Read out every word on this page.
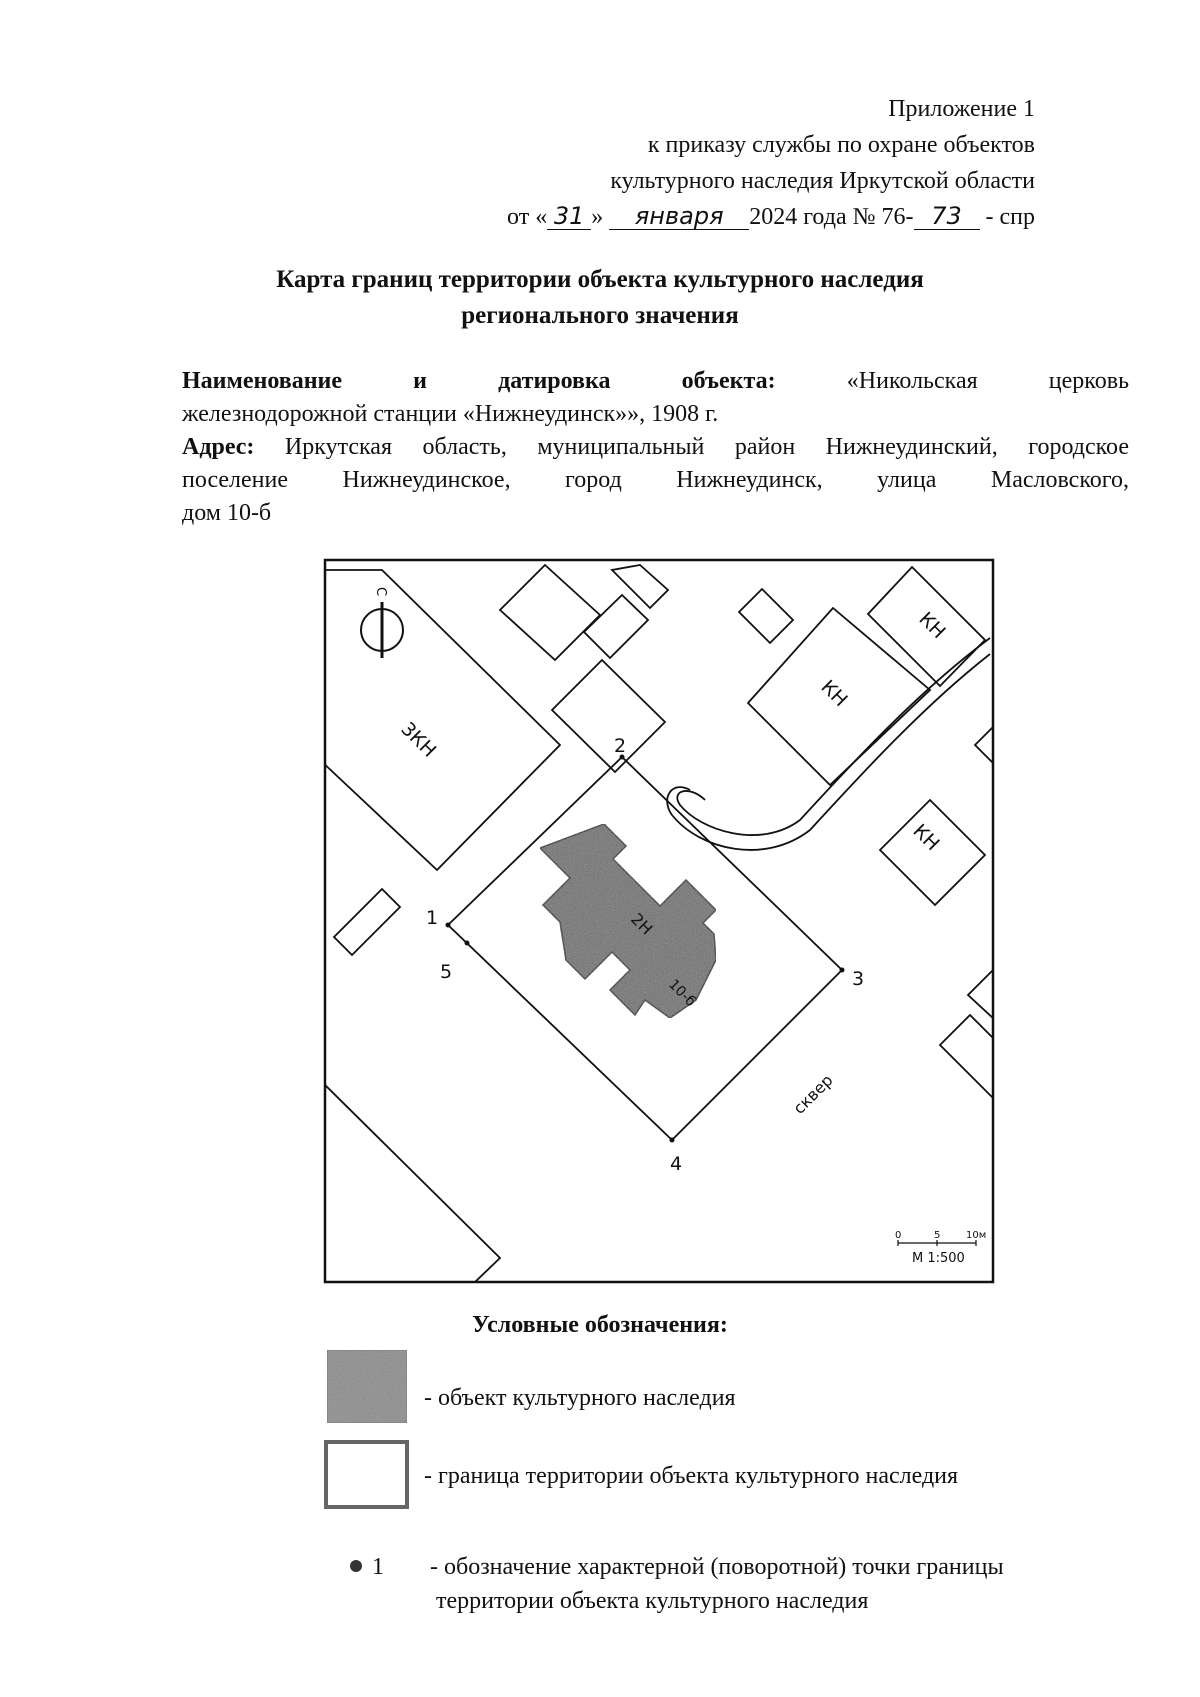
Приложение 1
к приказу службы по охране объектов
культурного наследия Иркутской области
от « 31 » января 2024 года № 76- 73 - спр
Карта границ территории объекта культурного наследия
регионального значения
Наименование и датировка объекта:	«Никольская церковь
железнодорожной станции «Нижнеудинск»», 1908 г.
Адрес: Иркутская область, муниципальный район Нижнеудинский, городское
поселение Нижнеудинское, город Нижнеудинск, улица Масловского,
дом 10-б
1
2
3
4
5
3КН
КН
КН
КН
2Н
10-б
сквер
С
0	5	10м
М 1:500
Условные обозначения:
- объект культурного наследия
- граница территории объекта культурного наследия
1 - обозначение характерной (поворотной) точки границы
территории объекта культурного наследия
